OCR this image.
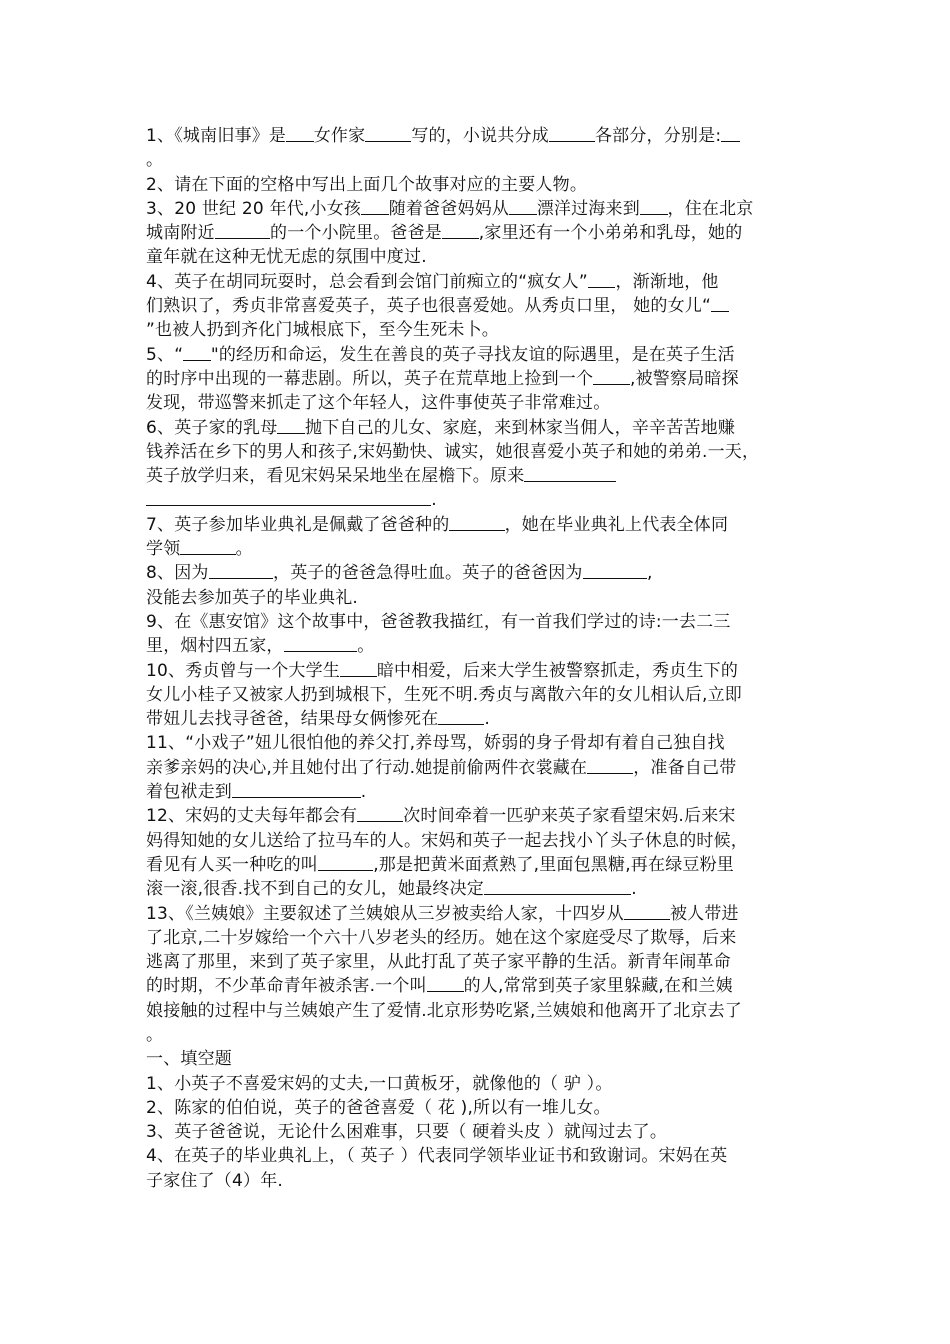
1、《城南旧事》是 女作家	写的，小说共分成	各部分，分别是:
。
2、请在下面的空格中写出上面几个故事对应的主要人物。
3、20 世纪 20 年代,小女孩 随着爸爸妈妈从 漂洋过海来到 ，住在北京
城南附近	的一个小院里。爸爸是 ,家里还有一个小弟弟和乳母，她的
童年就在这种无忧无虑的氛围中度过.
4、英子在胡同玩耍时，总会看到会馆门前痴立的“疯女人” ，渐渐地，他
们熟识了，秀贞非常喜爱英子，英子也很喜爱她。从秀贞口里， 她的女儿“
”也被人扔到齐化门城根底下，至今生死未卜。
5、“ "的经历和命运，发生在善良的英子寻找友谊的际遇里，是在英子生活
的时序中出现的一幕悲剧。所以，英子在荒草地上捡到一个 ,被警察局暗探
发现，带巡警来抓走了这个年轻人，这件事使英子非常难过。
6、英子家的乳母 抛下自己的儿女、家庭，来到林家当佣人，辛辛苦苦地赚
钱养活在乡下的男人和孩子,宋妈勤快、诚实，她很喜爱小英子和她的弟弟.一天，
英子放学归来，看见宋妈呆呆地坐在屋檐下。原来
.
7、英子参加毕业典礼是佩戴了爸爸种的	，她在毕业典礼上代表全体同
学领	。
8、因为	，英子的爸爸急得吐血。英子的爸爸因为	,
没能去参加英子的毕业典礼.
9、在《惠安馆》这个故事中，爸爸教我描红，有一首我们学过的诗:一去二三
里，烟村四五家，	。
10、秀贞曾与一个大学生 暗中相爱，后来大学生被警察抓走，秀贞生下的
女儿小桂子又被家人扔到城根下，生死不明.秀贞与离散六年的女儿相认后,立即
带妞儿去找寻爸爸，结果母女俩惨死在	.
11、“小戏子”妞儿很怕他的养父打,养母骂，娇弱的身子骨却有着自己独自找
亲爹亲妈的决心,并且她付出了行动.她提前偷两件衣裳藏在	，准备自己带
着包袱走到	.
12、宋妈的丈夫每年都会有	次时间牵着一匹驴来英子家看望宋妈.后来宋
妈得知她的女儿送给了拉马车的人。宋妈和英子一起去找小丫头子休息的时候，
看见有人买一种吃的叫	,那是把黄米面煮熟了,里面包黑糖,再在绿豆粉里
滚一滚,很香.找不到自己的女儿，她最终决定	.
13、《兰姨娘》主要叙述了兰姨娘从三岁被卖给人家，十四岁从	被人带进
了北京,二十岁嫁给一个六十八岁老头的经历。她在这个家庭受尽了欺辱，后来
逃离了那里，来到了英子家里，从此打乱了英子家平静的生活。新青年闹革命
的时期，不少革命青年被杀害.一个叫 的人,常常到英子家里躲藏,在和兰姨
娘接触的过程中与兰姨娘产生了爱情.北京形势吃紧,兰姨娘和他离开了北京去了
。
一、填空题
1、小英子不喜爱宋妈的丈夫,一口黄板牙，就像他的（ 驴 ）。
2、陈家的伯伯说，英子的爸爸喜爱（ 花 ),所以有一堆儿女。
3、英子爸爸说，无论什么困难事，只要（ 硬着头皮 ）就闯过去了。
4、在英子的毕业典礼上，（ 英子 ）代表同学领毕业证书和致谢词。宋妈在英
子家住了（4）年.
